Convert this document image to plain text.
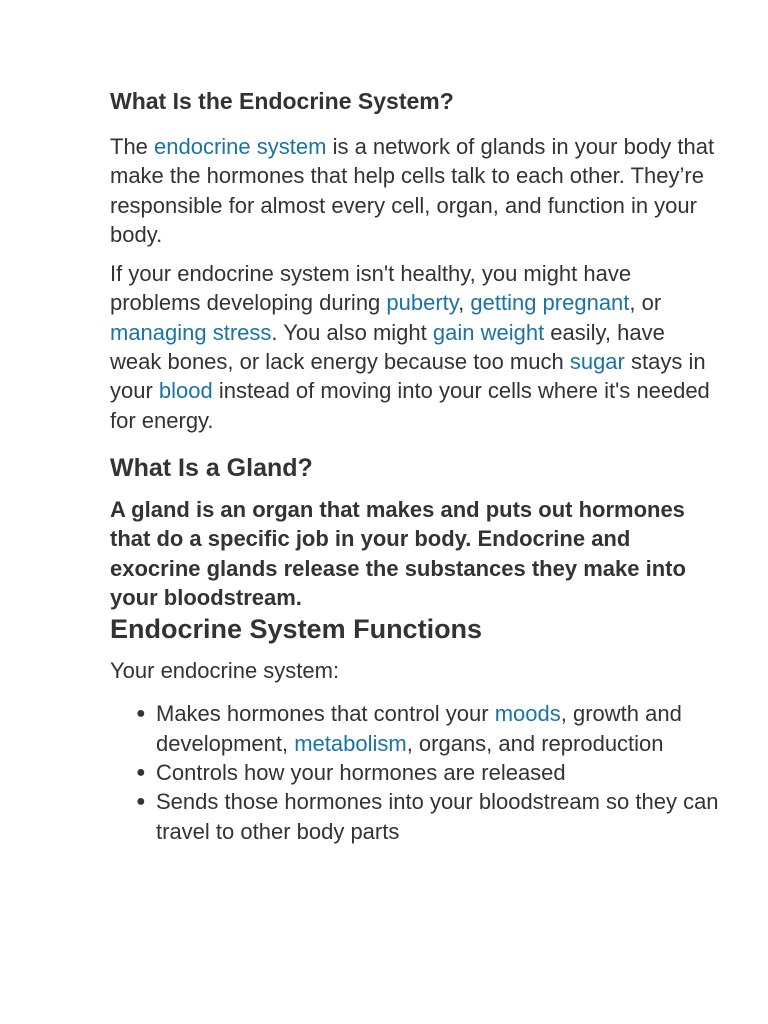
What Is the Endocrine System?

The endocrine system is a network of glands in your body that make the hormones that help cells talk to each other. They’re responsible for almost every cell, organ, and function in your body.

If your endocrine system isn't healthy, you might have problems developing during puberty, getting pregnant, or managing stress. You also might gain weight easily, have weak bones, or lack energy because too much sugar stays in your blood instead of moving into your cells where it's needed for energy.

What Is a Gland?

A gland is an organ that makes and puts out hormones that do a specific job in your body. Endocrine and exocrine glands release the substances they make into your bloodstream.

Endocrine System Functions

Your endocrine system:

● Makes hormones that control your moods, growth and development, metabolism, organs, and reproduction
● Controls how your hormones are released
● Sends those hormones into your bloodstream so they can travel to other body parts
